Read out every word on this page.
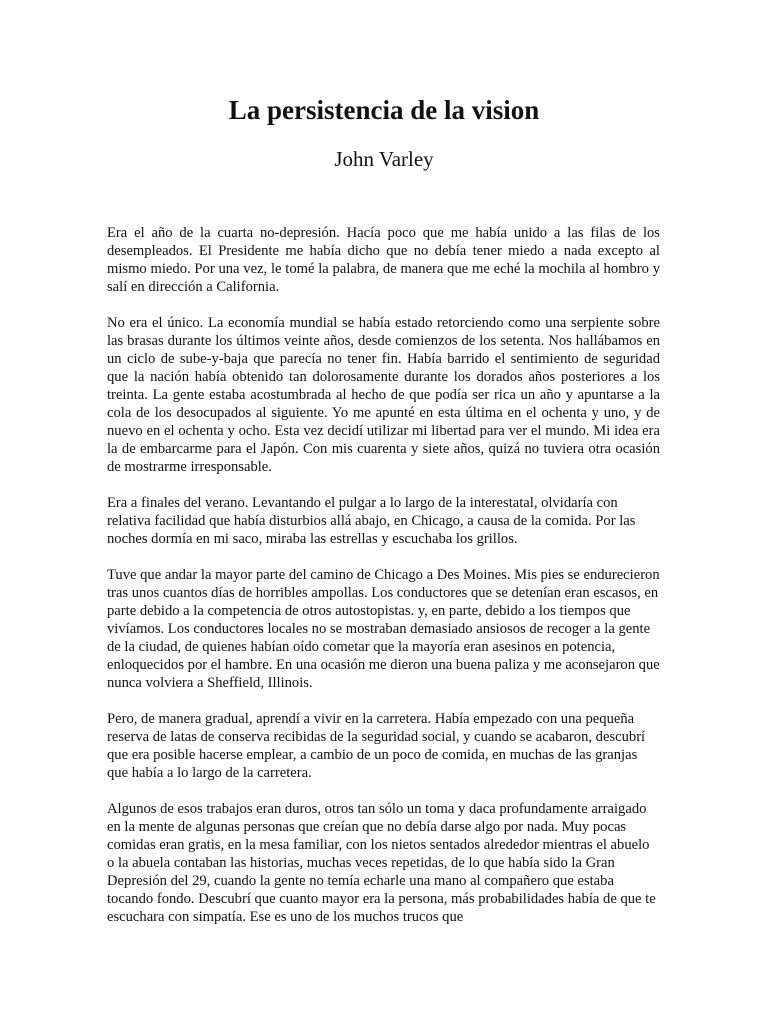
La persistencia de la vision
John Varley

Era el año de la cuarta no-depresión. Hacía poco que me había unido a las filas de los desempleados. El Presidente me había dicho que no debía tener miedo a nada excepto al mismo miedo. Por una vez, le tomé la palabra, de manera que me eché la mochila al hombro y salí en dirección a California.

No era el único. La economía mundial se había estado retorciendo como una serpiente sobre las brasas durante los últimos veinte años, desde comienzos de los setenta. Nos hallábamos en un ciclo de sube-y-baja que parecía no tener fin. Había barrido el sentimiento de seguridad que la nación había obtenido tan dolorosamente durante los dorados años posteriores a los treinta. La gente estaba acostumbrada al hecho de que podía ser rica un año y apuntarse a la cola de los desocupados al siguiente. Yo me apunté en esta última en el ochenta y uno, y de nuevo en el ochenta y ocho. Esta vez decidí utilizar mi libertad para ver el mundo. Mi idea era la de embarcarme para el Japón. Con mis cuarenta y siete años, quizá no tuviera otra ocasión de mostrarme irresponsable.

Era a finales del verano. Levantando el pulgar a lo largo de la interestatal, olvidaría con relativa facilidad que había disturbios allá abajo, en Chicago, a causa de la comida. Por las noches dormía en mi saco, miraba las estrellas y escuchaba los grillos.

Tuve que andar la mayor parte del camino de Chicago a Des Moines. Mis pies se endurecieron tras unos cuantos días de horribles ampollas. Los conductores que se detenían eran escasos, en parte debido a la competencia de otros autostopistas. y, en parte, debido a los tiempos que vivíamos. Los conductores locales no se mostraban demasiado ansiosos de recoger a la gente de la ciudad, de quienes habían oído cometar que la mayoría eran asesinos en potencia, enloquecidos por el hambre. En una ocasión me dieron una buena paliza y me aconsejaron que nunca volviera a Sheffield, Illinois.

Pero, de manera gradual, aprendí a vivir en la carretera. Había empezado con una pequeña reserva de latas de conserva recibidas de la seguridad social, y cuando se acabaron, descubrí que era posible hacerse emplear, a cambio de un poco de comida, en muchas de las granjas que había a lo largo de la carretera.

Algunos de esos trabajos eran duros, otros tan sólo un toma y daca profundamente arraigado en la mente de algunas personas que creían que no debía darse algo por nada. Muy pocas comidas eran gratis, en la mesa familiar, con los nietos sentados alrededor mientras el abuelo o la abuela contaban las historias, muchas veces repetidas, de lo que había sido la Gran Depresión del 29, cuando la gente no temía echarle una mano al compañero que estaba tocando fondo. Descubrí que cuanto mayor era la persona, más probabilidades había de que te escuchara con simpatía. Ese es uno de los muchos trucos que
